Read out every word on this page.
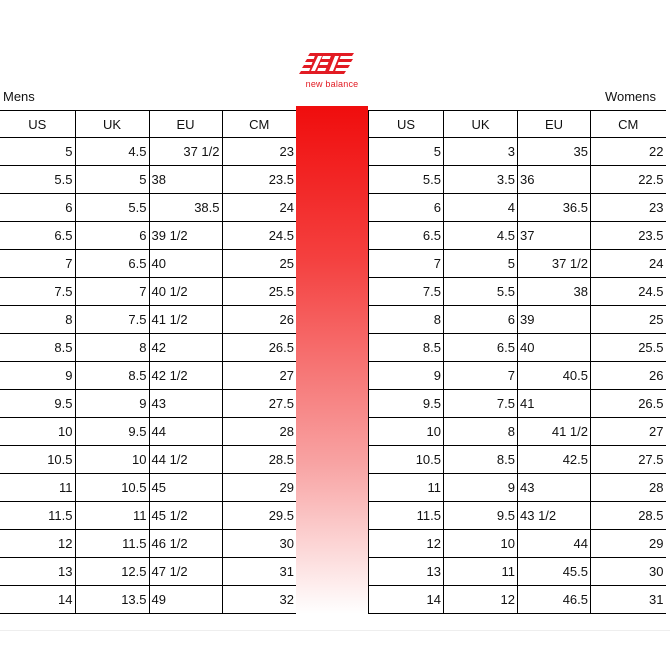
new balance
Mens	Womens
US	UK	EU	CM
5	4.5	37 1/2	23
5.5	5	38	23.5
6	5.5	38.5	24
6.5	6	39 1/2	24.5
7	6.5	40	25
7.5	7	40 1/2	25.5
8	7.5	41 1/2	26
8.5	8	42	26.5
9	8.5	42 1/2	27
9.5	9	43	27.5
10	9.5	44	28
10.5	10	44 1/2	28.5
11	10.5	45	29
11.5	11	45 1/2	29.5
12	11.5	46 1/2	30
13	12.5	47 1/2	31
14	13.5	49	32
US	UK	EU	CM
5	3	35	22
5.5	3.5	36	22.5
6	4	36.5	23
6.5	4.5	37	23.5
7	5	37 1/2	24
7.5	5.5	38	24.5
8	6	39	25
8.5	6.5	40	25.5
9	7	40.5	26
9.5	7.5	41	26.5
10	8	41 1/2	27
10.5	8.5	42.5	27.5
11	9	43	28
11.5	9.5	43 1/2	28.5
12	10	44	29
13	11	45.5	30
14	12	46.5	31
